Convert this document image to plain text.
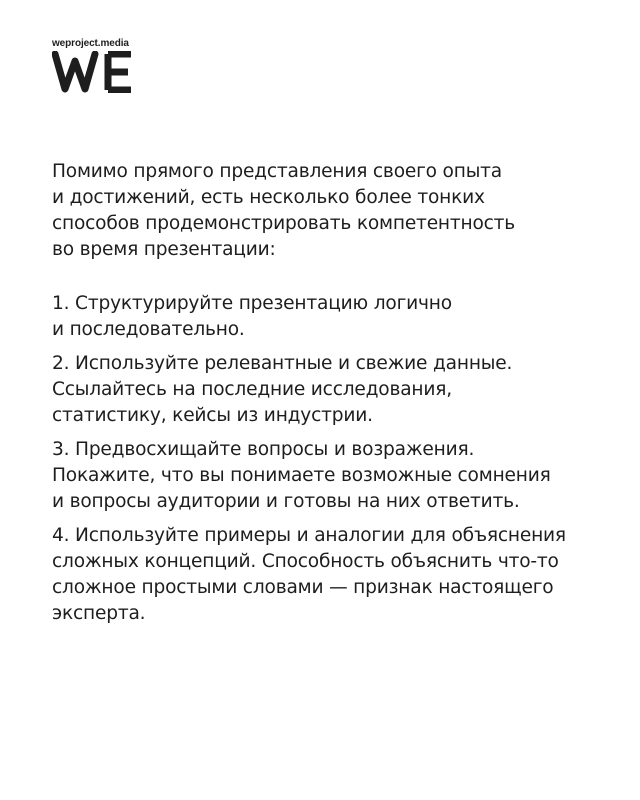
weproject.media

Помимо прямого представления своего опыта
и достижений, есть несколько более тонких
способов продемонстрировать компетентность
во время презентации:

1. Структурируйте презентацию логично
и последовательно.

2. Используйте релевантные и свежие данные.
Ссылайтесь на последние исследования,
статистику, кейсы из индустрии.

3. Предвосхищайте вопросы и возражения.
Покажите, что вы понимаете возможные сомнения
и вопросы аудитории и готовы на них ответить.

4. Используйте примеры и аналогии для объяснения
сложных концепций. Способность объяснить что-то
сложное простыми словами — признак настоящего
эксперта.
